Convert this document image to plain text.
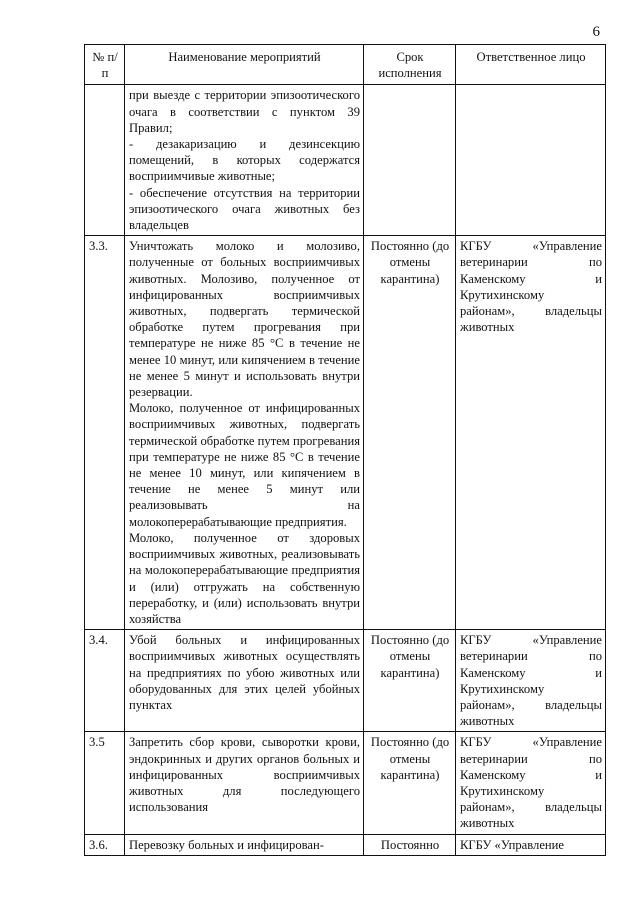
6
№ п/п	Наименование мероприятий	Срок исполнения	Ответственное лицо

	при выезде с территории эпизоотического очага в соответствии с пунктом 39 Правил;

- дезакаризацию и дезинсекцию помещений, в которых содержатся восприимчивые животные;

- обеспечение отсутствия на территории эпизоотического очага животных без владельцев		

3.3.	Уничтожать молоко и молозиво, полученные от больных восприимчивых животных. Молозиво, полученное от инфицированных восприимчивых животных, подвергать термической обработке путем прогревания при температуре не ниже 85 °С в течение не менее 10 минут, или кипячением в течение не менее 5 минут и использовать внутри резервации.

Молоко, полученное от инфицированных восприимчивых животных, подвергать термической обработке путем прогревания при температуре не ниже 85 °С в течение не менее 10 минут, или кипячением в течение не менее 5 минут или реализовывать на молокоперерабатывающие предприятия.

Молоко, полученное от здоровых восприимчивых животных, реализовывать на молокоперерабатывающие предприятия и (или) отгружать на собственную переработку, и (или) использовать внутри хозяйства	Постоянно (до отмены карантина)	КГБУ «Управление ветеринарии по Каменскому и Крутихинскому районам», владельцы животных
3.4.	Убой больных и инфицированных восприимчивых животных осуществлять на предприятиях по убою животных или оборудованных для этих целей убойных пунктах	Постоянно (до отмены карантина)	КГБУ «Управление ветеринарии по Каменскому и Крутихинскому районам», владельцы животных
3.5	Запретить сбор крови, сыворотки крови, эндокринных и других органов больных и инфицированных восприимчивых животных для последующего использования	Постоянно (до отмены карантина)	КГБУ «Управление ветеринарии по Каменскому и Крутихинскому районам», владельцы животных
3.6.	Перевозку больных и инфицирован-	Постоянно	КГБУ «Управление
